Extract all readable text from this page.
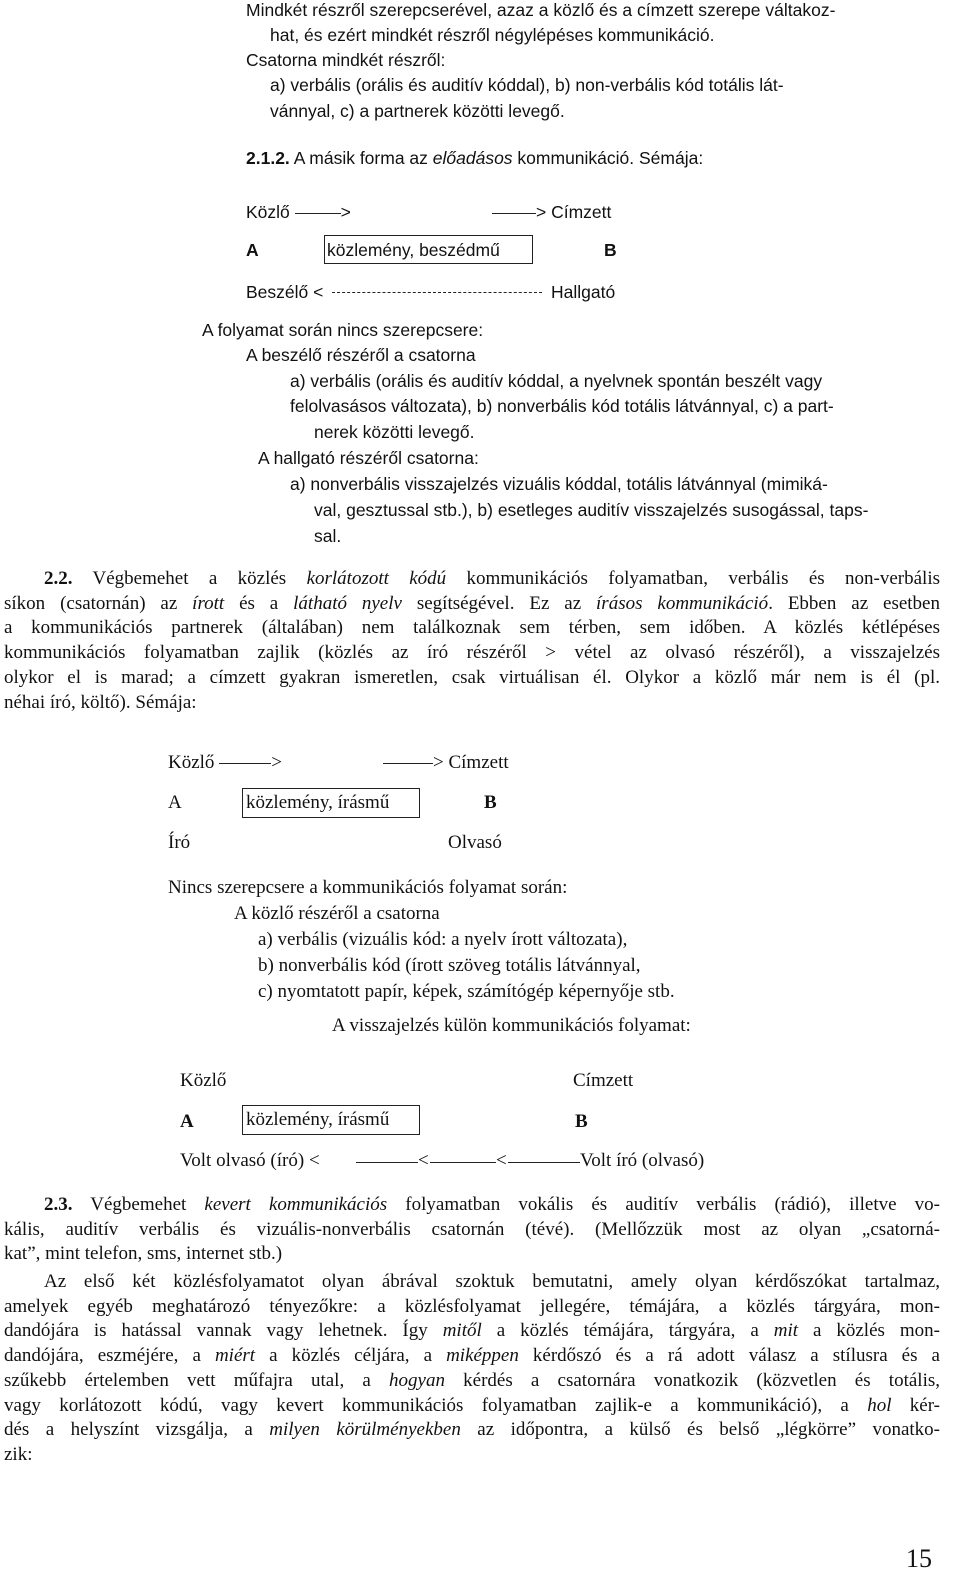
Mindkét részről szerepcserével, azaz a közlő és a címzett szerepe váltakoz-
hat, és ezért mindkét részről négylépéses kommunikáció.
Csatorna mindkét részről:
a) verbális (orális és auditív kóddal), b) non-verbális kód totális lát-
vánnyal, c) a partnerek közötti levegő.
2.1.2. A másik forma az előadásos kommunikáció. Sémája:
Közlő	>	> Címzett
A	közlemény, beszédmű	B
Beszélő <	Hallgató
A folyamat során nincs szerepcsere:
A beszélő részéről a csatorna
a) verbális (orális és auditív kóddal, a nyelvnek spontán beszélt vagy
felolvasásos változata), b) nonverbális kód totális látvánnyal, c) a part-
nerek közötti levegő.
A hallgató részéről csatorna:
a) nonverbális visszajelzés vizuális kóddal, totális látvánnyal (mimiká-
val, gesztussal stb.), b) esetleges auditív visszajelzés susogással, taps-
sal.
2.2. Végbemehet a közlés korlátozott kódú kommunikációs folyamatban, verbális és non-verbális
síkon (csatornán) az írott és a látható nyelv segítségével. Ez az írásos kommunikáció. Ebben az esetben
a kommunikációs partnerek (általában) nem találkoznak sem térben, sem időben. A közlés kétlépéses
kommunikációs folyamatban zajlik (közlés az író részéről > vétel az olvasó részéről), a visszajelzés
olykor el is marad; a címzett gyakran ismeretlen, csak virtuálisan él. Olykor a közlő már nem is él (pl.
néhai író, költő). Sémája:
Közlő	>	> Címzett
A	közlemény, írásmű	B
Író	Olvasó
Nincs szerepcsere a kommunikációs folyamat során:
A közlő részéről a csatorna
a) verbális (vizuális kód: a nyelv írott változata),
b) nonverbális kód (írott szöveg totális látvánnyal,
c) nyomtatott papír, képek, számítógép képernyője stb.
A visszajelzés külön kommunikációs folyamat:
Közlő	Címzett
A	közlemény, írásmű	B
Volt olvasó (író) <	<	<	Volt író (olvasó)
2.3. Végbemehet kevert kommunikációs folyamatban vokális és auditív verbális (rádió), illetve vo-
kális, auditív verbális és vizuális-nonverbális csatornán (tévé). (Mellőzzük most az olyan „csatorná-
kat”, mint telefon, sms, internet stb.)
Az első két közlésfolyamatot olyan ábrával szoktuk bemutatni, amely olyan kérdőszókat tartalmaz,
amelyek egyéb meghatározó tényezőkre: a közlésfolyamat jellegére, témájára, a közlés tárgyára, mon-
dandójára is hatással vannak vagy lehetnek. Így mitől a közlés témájára, tárgyára, a mit a közlés mon-
dandójára, eszméjére, a miért a közlés céljára, a miképpen kérdőszó és a rá adott válasz a stílusra és a
szűkebb értelemben vett műfajra utal, a hogyan kérdés a csatornára vonatkozik (közvetlen és totális,
vagy korlátozott kódú, vagy kevert kommunikációs folyamatban zajlik-e a kommunikáció), a hol kér-
dés a helyszínt vizsgálja, a milyen körülményekben az időpontra, a külső és belső „légkörre” vonatko-
zik:
15
